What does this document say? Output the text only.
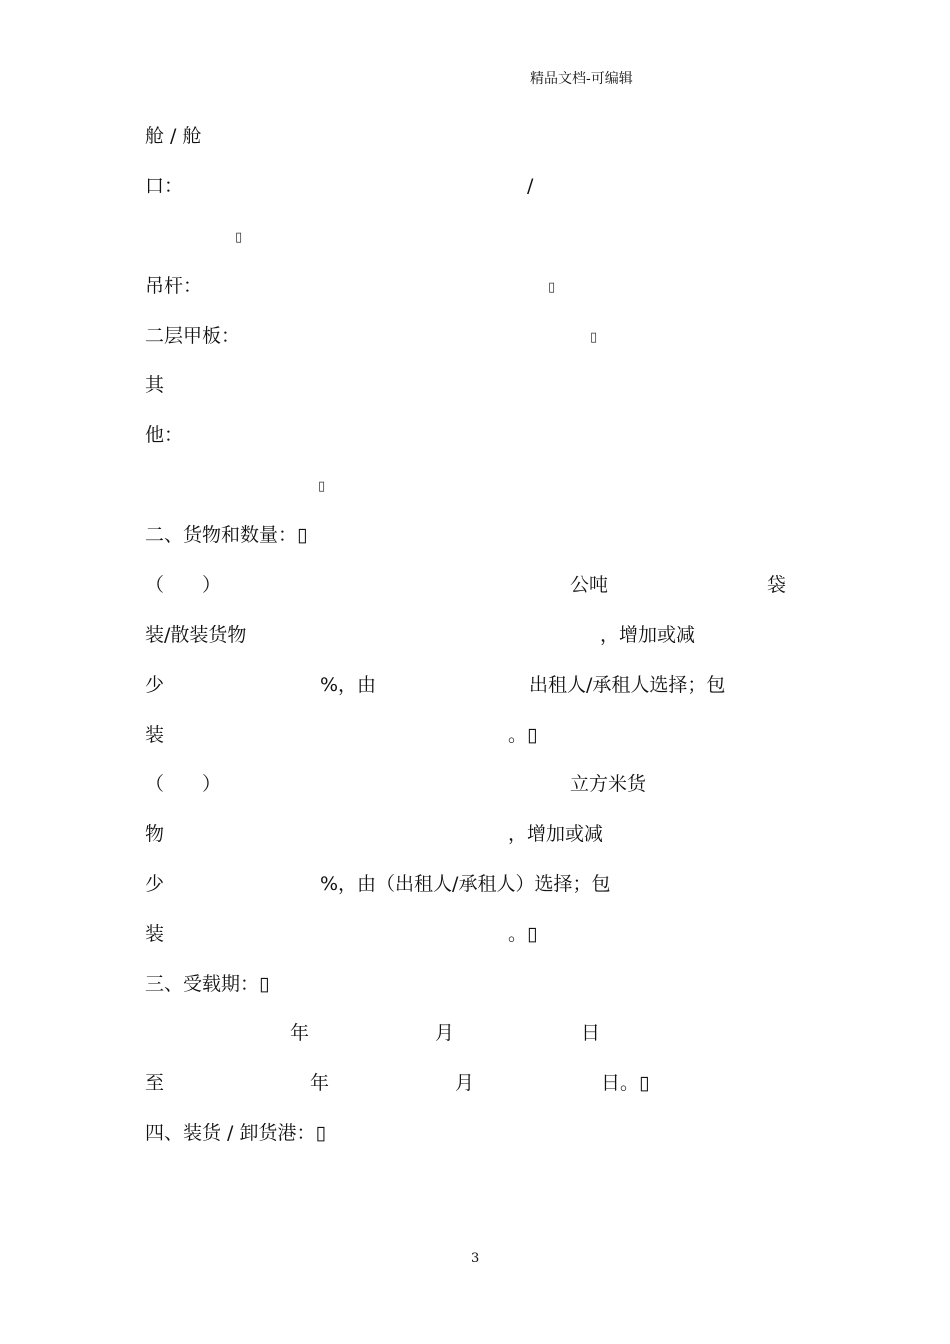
精品文档-可编辑
舱 / 舱
口：	/
▯
吊杆：	▯
二层甲板：	▯
其
他：
▯
二、货物和数量：▯
（　　）	公吨	袋
装/散装货物	，增加或减
少	%，由	出租人/承租人选择；包
装	。▯
（　　）	立方米货
物	，增加或减
少	%，由（出租人/承租人）选择；包
装	。▯
三、受载期：▯
年	月	日
至	年	月	日。▯
四、装货 / 卸货港：▯
3
